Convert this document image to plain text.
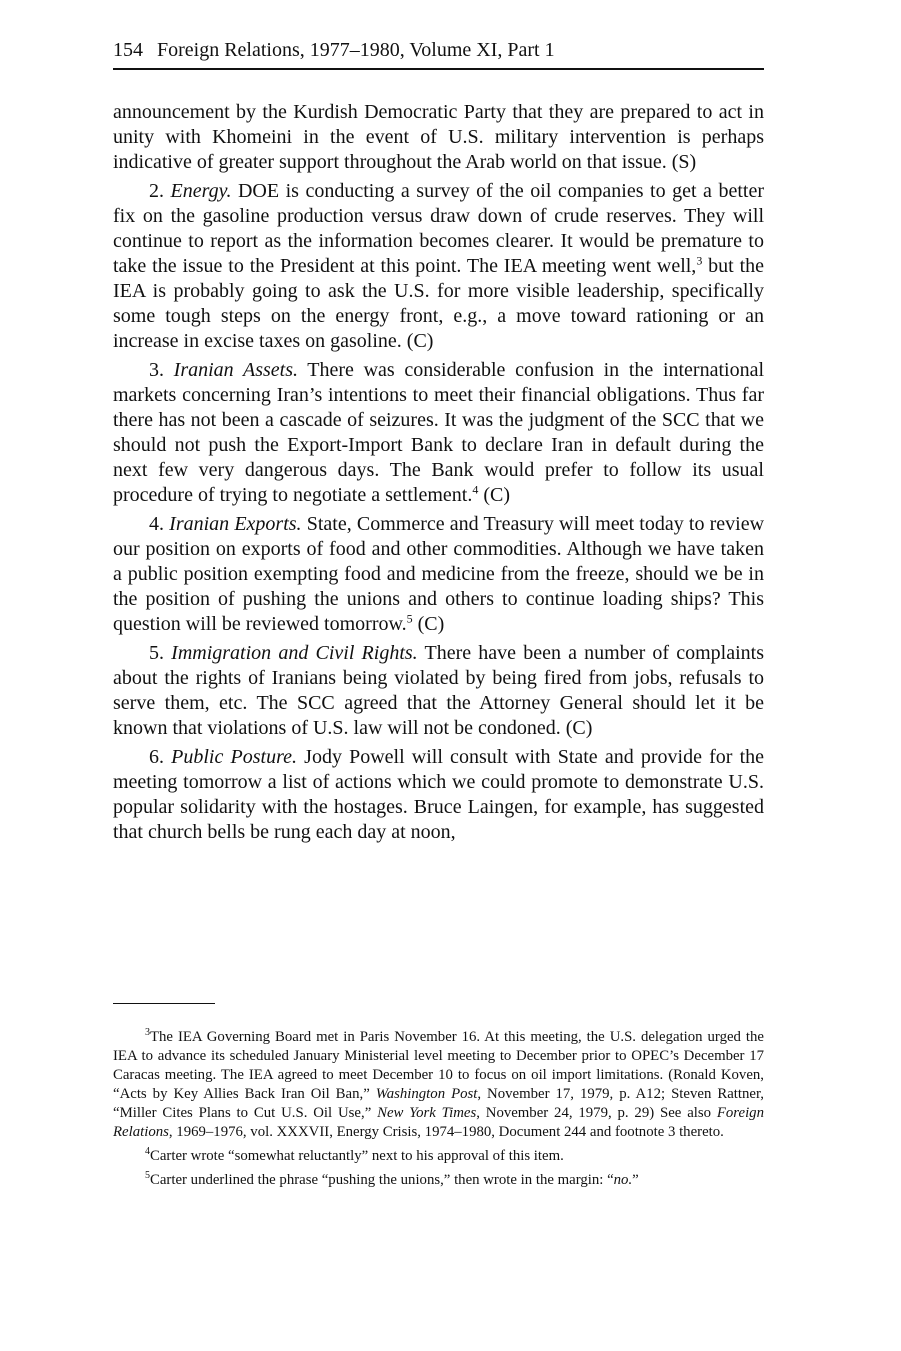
154 Foreign Relations, 1977–1980, Volume XI, Part 1

announcement by the Kurdish Democratic Party that they are prepared to act in unity with Khomeini in the event of U.S. military intervention is perhaps indicative of greater support throughout the Arab world on that issue. (S)

2. Energy. DOE is conducting a survey of the oil companies to get a better fix on the gasoline production versus draw down of crude reserves. They will continue to report as the information becomes clearer. It would be premature to take the issue to the President at this point. The IEA meeting went well,$^3$ but the IEA is probably going to ask the U.S. for more visible leadership, specifically some tough steps on the energy front, e.g., a move toward rationing or an increase in excise taxes on gasoline. (C)

3. Iranian Assets. There was considerable confusion in the international markets concerning Iran’s intentions to meet their financial obligations. Thus far there has not been a cascade of seizures. It was the judgment of the SCC that we should not push the Export-Import Bank to declare Iran in default during the next few very dangerous days. The Bank would prefer to follow its usual procedure of trying to negotiate a settlement.$^4$ (C)

4. Iranian Exports. State, Commerce and Treasury will meet today to review our position on exports of food and other commodities. Although we have taken a public position exempting food and medicine from the freeze, should we be in the position of pushing the unions and others to continue loading ships? This question will be reviewed tomorrow.$^5$ (C)

5. Immigration and Civil Rights. There have been a number of complaints about the rights of Iranians being violated by being fired from jobs, refusals to serve them, etc. The SCC agreed that the Attorney General should let it be known that violations of U.S. law will not be condoned. (C)

6. Public Posture. Jody Powell will consult with State and provide for the meeting tomorrow a list of actions which we could promote to demonstrate U.S. popular solidarity with the hostages. Bruce Laingen, for example, has suggested that church bells be rung each day at noon,

$^3$The IEA Governing Board met in Paris November 16. At this meeting, the U.S. delegation urged the IEA to advance its scheduled January Ministerial level meeting to December prior to OPEC’s December 17 Caracas meeting. The IEA agreed to meet December 10 to focus on oil import limitations. (Ronald Koven, “Acts by Key Allies Back Iran Oil Ban,” Washington Post, November 17, 1979, p. A12; Steven Rattner, “Miller Cites Plans to Cut U.S. Oil Use,” New York Times, November 24, 1979, p. 29) See also Foreign Relations, 1969–1976, vol. XXXVII, Energy Crisis, 1974–1980, Document 244 and footnote 3 thereto.

$^4$Carter wrote “somewhat reluctantly” next to his approval of this item.

$^5$Carter underlined the phrase “pushing the unions,” then wrote in the margin: “no.”
